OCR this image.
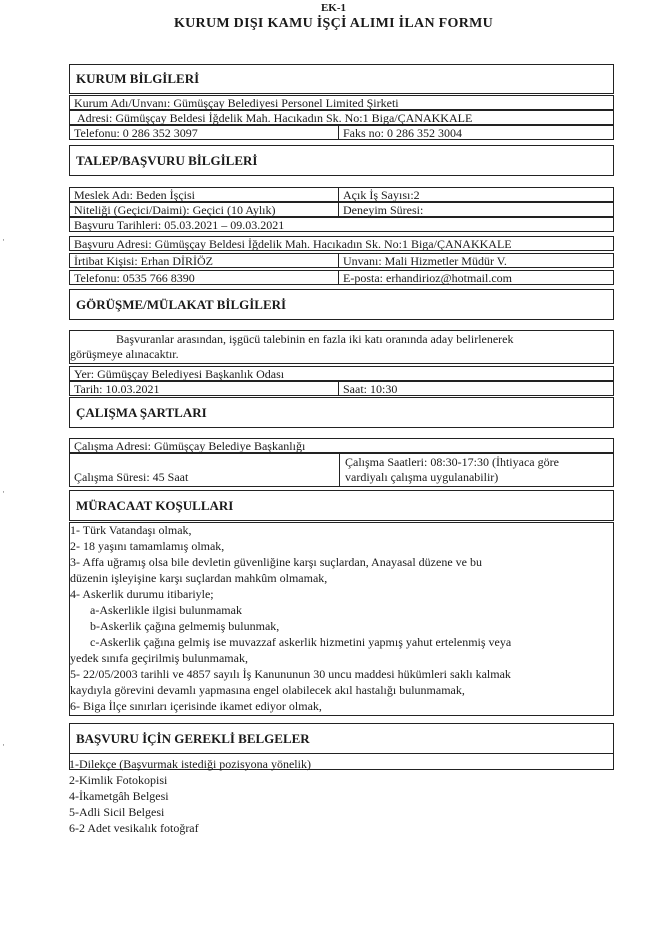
EK-1
KURUM DIŞI KAMU İŞÇİ ALIMI İLAN FORMU
·
·
·
KURUM BİLGİLERİ
Kurum Adı/Unvanı: Gümüşçay Belediyesi Personel Limited Şirketi
Adresi: Gümüşçay Beldesi İğdelik Mah. Hacıkadın Sk. No:1 Biga/ÇANAKKALE
Telefonu: 0 286 352 3097	Faks no: 0 286 352 3004
TALEP/BAŞVURU BİLGİLERİ
Meslek Adı: Beden İşçisi	Açık İş Sayısı:2
Niteliği (Geçici/Daimi): Geçici (10 Aylık)	Deneyim Süresi:
Başvuru Tarihleri: 05.03.2021 – 09.03.2021
Başvuru Adresi: Gümüşçay Beldesi İğdelik Mah. Hacıkadın Sk. No:1 Biga/ÇANAKKALE
İrtibat Kişisi: Erhan DİRİÖZ	Unvanı: Mali Hizmetler Müdür V.
Telefonu: 0535 766 8390	E-posta: erhandirioz@hotmail.com
GÖRÜŞME/MÜLAKAT BİLGİLERİ
Başvuranlar arasından, işgücü talebinin en fazla iki katı oranında aday belirlenerek
görüşmeye alınacaktır.
Yer: Gümüşçay Belediyesi Başkanlık Odası
Tarih: 10.03.2021	Saat: 10:30
ÇALIŞMA ŞARTLARI
Çalışma Adresi: Gümüşçay Belediye Başkanlığı
Çalışma Süresi: 45 Saat
Çalışma Saatleri: 08:30-17:30 (İhtiyaca göre
vardiyalı çalışma uygulanabilir)
MÜRACAAT KOŞULLARI
1- Türk Vatandaşı olmak,
2- 18 yaşını tamamlamış olmak,
3- Affa uğramış olsa bile devletin güvenliğine karşı suçlardan, Anayasal düzene ve bu
düzenin işleyişine karşı suçlardan mahkûm olmamak,
4- Askerlik durumu itibariyle;
a-Askerlikle ilgisi bulunmamak
b-Askerlik çağına gelmemiş bulunmak,
c-Askerlik çağına gelmiş ise muvazzaf askerlik hizmetini yapmış yahut ertelenmiş veya
yedek sınıfa geçirilmiş bulunmamak,
5- 22/05/2003 tarihli ve 4857 sayılı İş Kanununun 30 uncu maddesi hükümleri saklı kalmak
kaydıyla görevini devamlı yapmasına engel olabilecek akıl hastalığı bulunmamak,
6- Biga İlçe sınırları içerisinde ikamet ediyor olmak,
BAŞVURU İÇİN GEREKLİ BELGELER
1-Dilekçe (Başvurmak istediği pozisyona yönelik)
2-Kimlik Fotokopisi
4-İkametgâh Belgesi
5-Adli Sicil Belgesi
6-2 Adet vesikalık fotoğraf
